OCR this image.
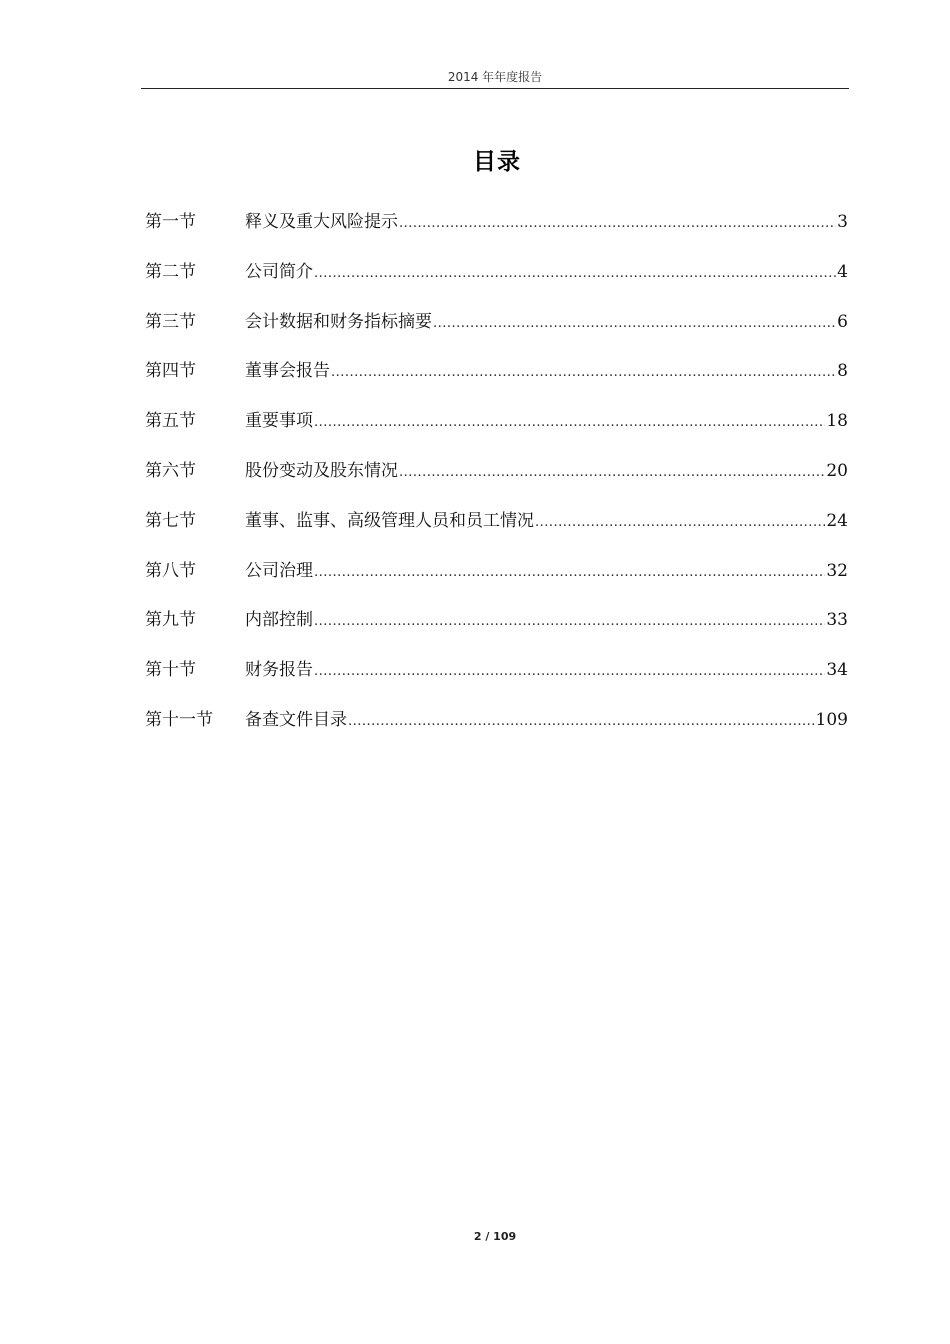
2014 年年度报告
目录
第一节	释义及重大风险提示 .....	3
第二节	公司简介 .....	4
第三节	会计数据和财务指标摘要 .....	6
第四节	董事会报告 .....	8
第五节	重要事项 .....	18
第六节	股份变动及股东情况 .....	20
第七节	董事、监事、高级管理人员和员工情况 .....	24
第八节	公司治理 .....	32
第九节	内部控制 .....	33
第十节	财务报告 .....	34
第十一节	备查文件目录 .....	109
2 / 109
